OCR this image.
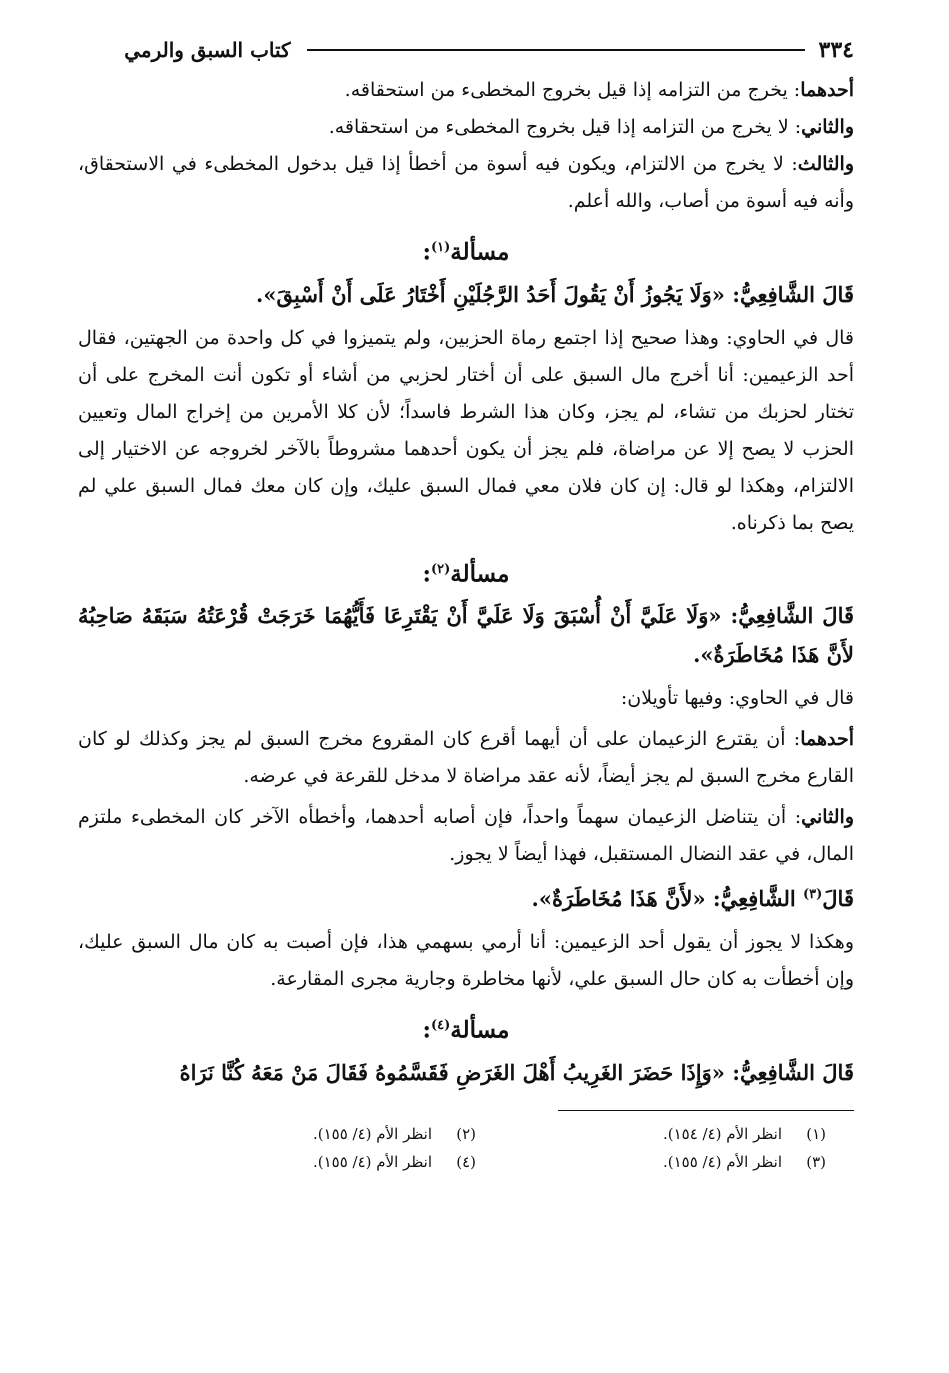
٣٣٤
كتاب السبق والرمي

أحدهما: يخرج من التزامه إذا قيل بخروج المخطىء من استحقاقه.

والثاني: لا يخرج من التزامه إذا قيل بخروج المخطىء من استحقاقه.

والثالث: لا يخرج من الالتزام، ويكون فيه أسوة من أخطأ إذا قيل بدخول المخطىء في الاستحقاق، وأنه فيه أسوة من أصاب، والله أعلم.

مسألة$^{(١)}$:
قَالَ الشَّافِعِيُّ: «وَلَا يَجُوزُ أَنْ يَقُولَ أَحَدُ الرَّجُلَيْنِ أَخْتَارُ عَلَى أَنْ أَسْبِقَ».

قال في الحاوي: وهذا صحيح إذا اجتمع رماة الحزبين، ولم يتميزوا في كل واحدة من الجهتين، فقال أحد الزعيمين: أنا أخرج مال السبق على أن أختار لحزبي من أشاء أو تكون أنت المخرج على أن تختار لحزبك من تشاء، لم يجز، وكان هذا الشرط فاسداً؛ لأن كلا الأمرين من إخراج المال وتعيين الحزب لا يصح إلا عن مراضاة، فلم يجز أن يكون أحدهما مشروطاً بالآخر لخروجه عن الاختيار إلى الالتزام، وهكذا لو قال: إن كان فلان معي فمال السبق عليك، وإن كان معك فمال السبق علي لم يصح بما ذكرناه.

مسألة$^{(٢)}$:
قَالَ الشَّافِعِيُّ: «وَلَا عَلَيَّ أَنْ أُسْبَقَ وَلَا عَلَيَّ أَنْ يَقْتَرِعَا فَأَيُّهُمَا خَرَجَتْ قُرْعَتُهُ سَبَقَهُ صَاحِبُهُ لأَنَّ هَذَا مُخَاطَرَةٌ».

قال في الحاوي: وفيها تأويلان:

أحدهما: أن يقترع الزعيمان على أن أيهما أقرع كان المقروع مخرج السبق لم يجز وكذلك لو كان القارع مخرج السبق لم يجز أيضاً، لأنه عقد مراضاة لا مدخل للقرعة في عرضه.

والثاني: أن يتناضل الزعيمان سهماً واحداً، فإن أصابه أحدهما، وأخطأه الآخر كان المخطىء ملتزم المال، في عقد النضال المستقبل، فهذا أيضاً لا يجوز.

قَالَ$^{(٣)}$ الشَّافِعِيُّ: «لأَنَّ هَذَا مُخَاطَرَةٌ».

وهكذا لا يجوز أن يقول أحد الزعيمين: أنا أرمي بسهمي هذا، فإن أصبت به كان مال السبق عليك، وإن أخطأت به كان حال السبق علي، لأنها مخاطرة وجارية مجرى المقارعة.

مسألة$^{(٤)}$:
قَالَ الشَّافِعِيُّ: «وَإِذَا حَضَرَ الغَرِيبُ أَهْلَ الغَرَضِ فَقَسَّمُوهُ فَقَالَ مَنْ مَعَهُ كُنَّا نَرَاهُ
(١)
انظر الأم (٤/ ١٥٤).
(٢)
انظر الأم (٤/ ١٥٥).
(٣)
انظر الأم (٤/ ١٥٥).
(٤)
انظر الأم (٤/ ١٥٥).
